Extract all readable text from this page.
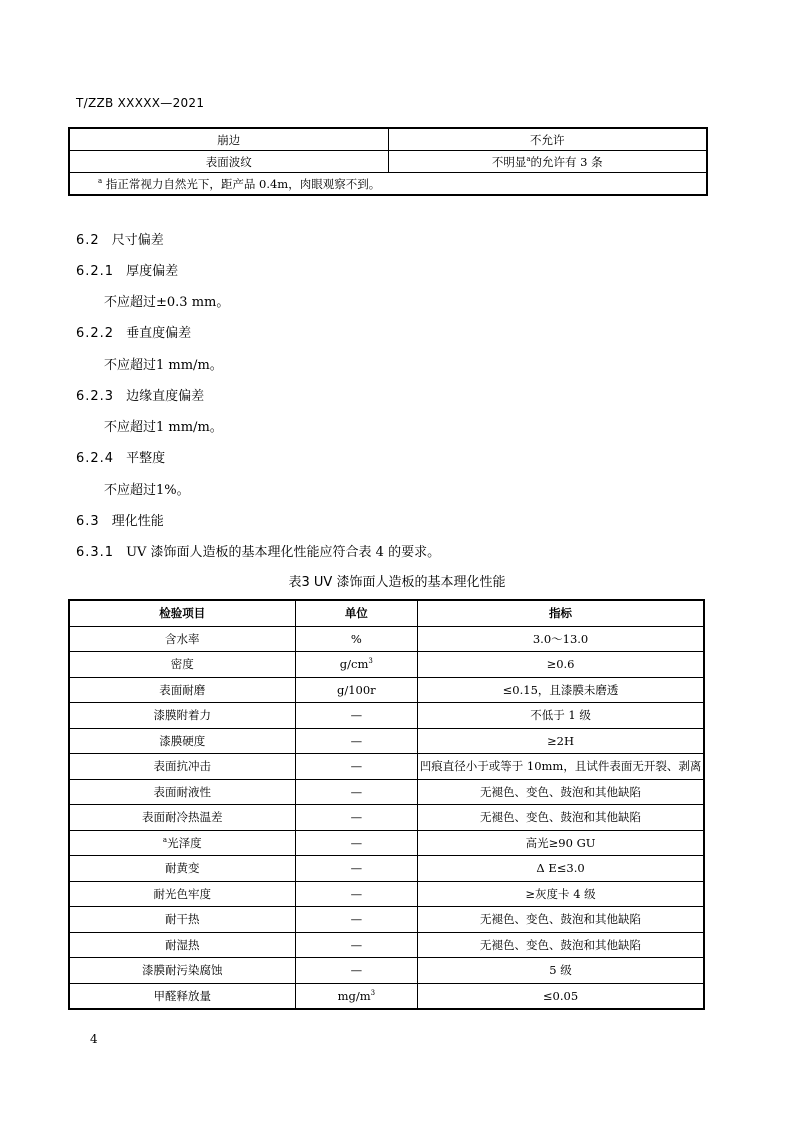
T/ZZB XXXXX—2021
崩边	不允许
表面波纹	不明显$^a$的允许有 3 条
$^a$ 指正常视力自然光下，距产品 0.4m，肉眼观察不到。	
6.2 尺寸偏差
6.2.1 厚度偏差
不应超过±0.3 mm。
6.2.2 垂直度偏差
不应超过1 mm/m。
6.2.3 边缘直度偏差
不应超过1 mm/m。
6.2.4 平整度
不应超过1%。
6.3 理化性能
6.3.1 UV 漆饰面人造板的基本理化性能应符合表 4 的要求。
表3 UV 漆饰面人造板的基本理化性能
检验项目	单位	指标
含水率	%	3.0～13.0
密度	$g/cm^3$	≥0.6
表面耐磨	g/100r	≤0.15，且漆膜未磨透
漆膜附着力	—	不低于 1 级
漆膜硬度	—	≥2H
表面抗冲击	—	凹痕直径小于或等于 10mm，且试件表面无开裂、剥离
表面耐液性	—	无褪色、变色、鼓泡和其他缺陷
表面耐冷热温差	—	无褪色、变色、鼓泡和其他缺陷
$^a$光泽度	—	高光≥90 GU
耐黄变	—	Δ E≤3.0
耐光色牢度	—	≥灰度卡 4 级
耐干热	—	无褪色、变色、鼓泡和其他缺陷
耐湿热	—	无褪色、变色、鼓泡和其他缺陷
漆膜耐污染腐蚀	—	5 级
甲醛释放量	$mg/m^3$	≤0.05
4
